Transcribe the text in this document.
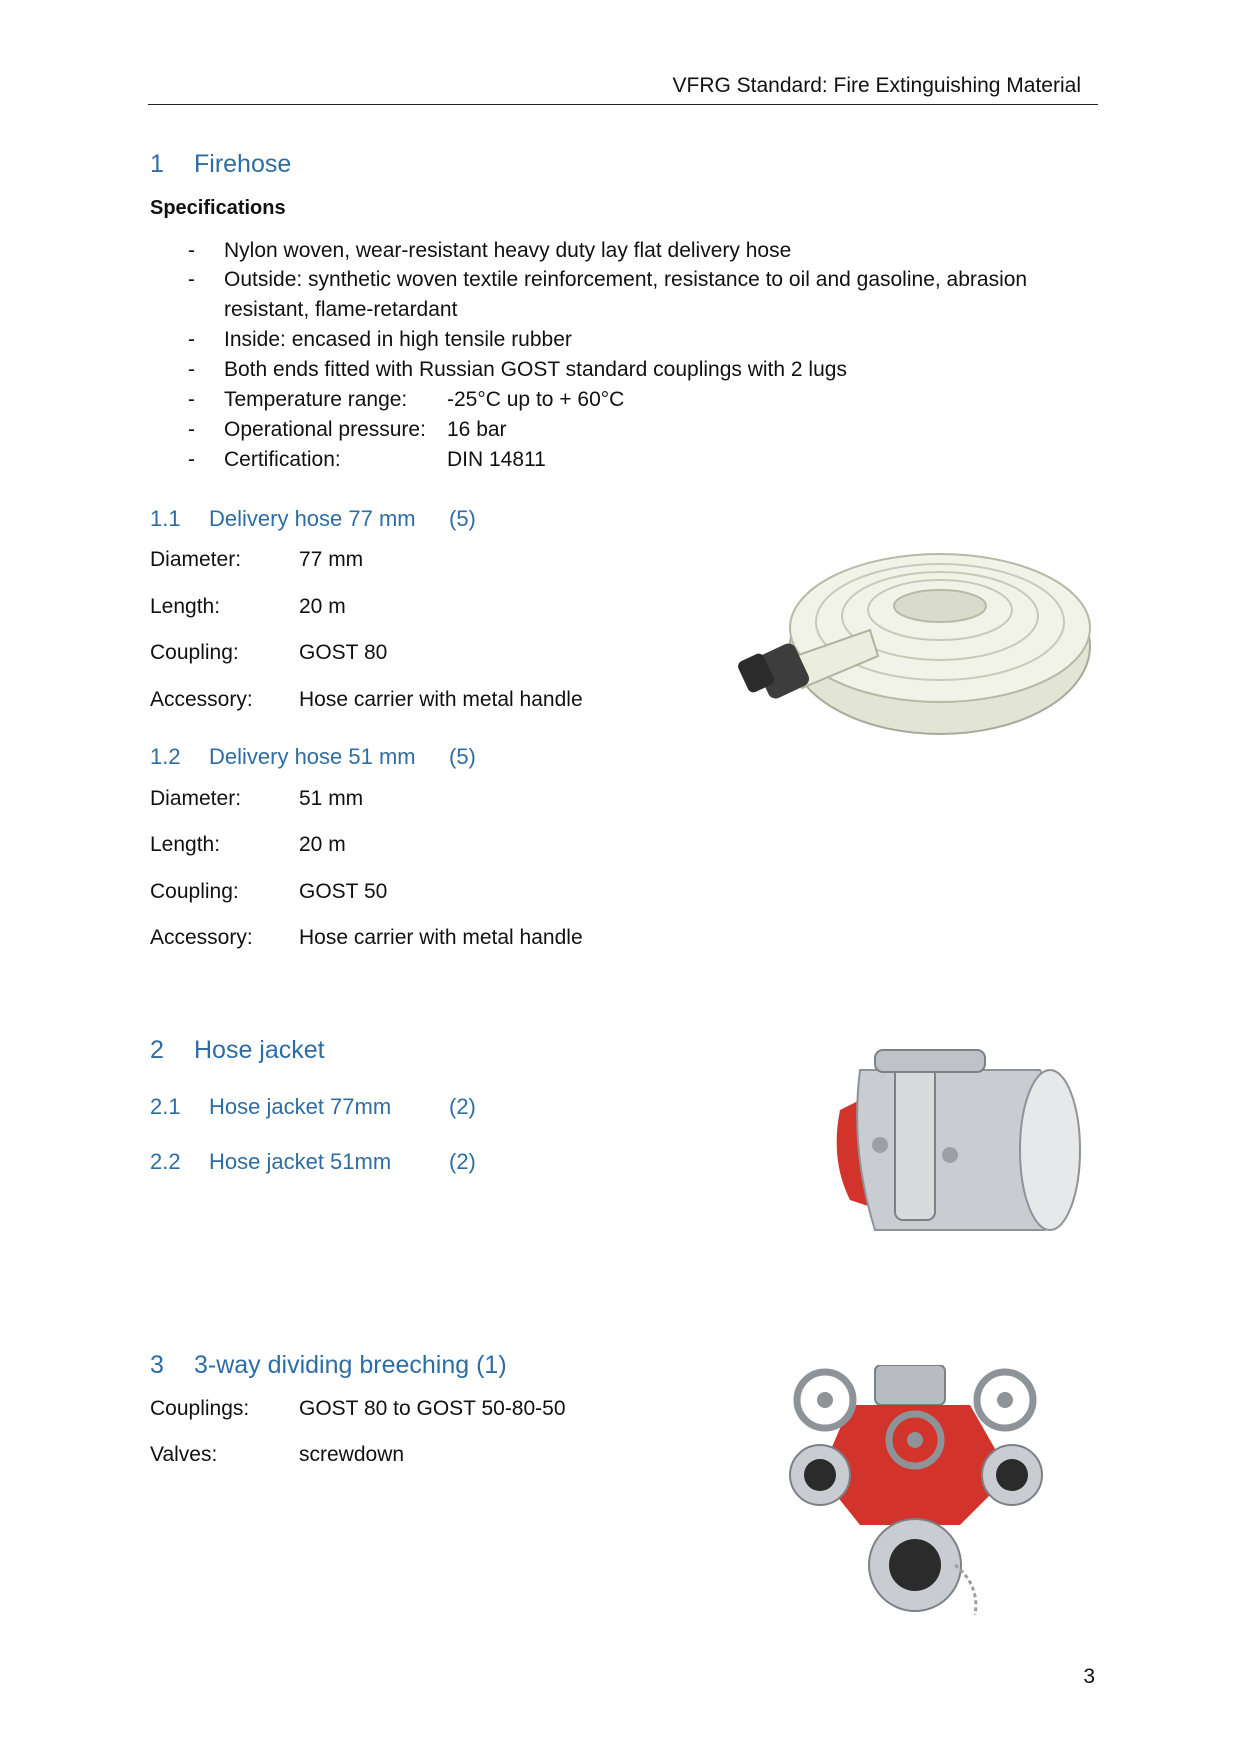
VFRG Standard: Fire Extinguishing Material
1 Firehose
Specifications
- Nylon woven, wear-resistant heavy duty lay flat delivery hose
- Outside: synthetic woven textile reinforcement, resistance to oil and gasoline, abrasion
resistant, flame-retardant
- Inside: encased in high tensile rubber
- Both ends fitted with Russian GOST standard couplings with 2 lugs
- Temperature range: -25°C up to + 60°C
- Operational pressure: 16 bar
- Certification:	DIN 14811
1.1 Delivery hose 77 mm (5)
Diameter:	77 mm
Length:	20 m
Coupling:	GOST 80
Accessory: Hose carrier with metal handle
1.2 Delivery hose 51 mm (5)
Diameter:	51 mm
Length:	20 m
Coupling:	GOST 50
Accessory: Hose carrier with metal handle
2 Hose jacket
2.1 Hose jacket 77mm	(2)
2.2 Hose jacket 51mm	(2)
3 3-way dividing breeching (1)
Couplings: GOST 80 to GOST 50-80-50
Valves:	screwdown
3
